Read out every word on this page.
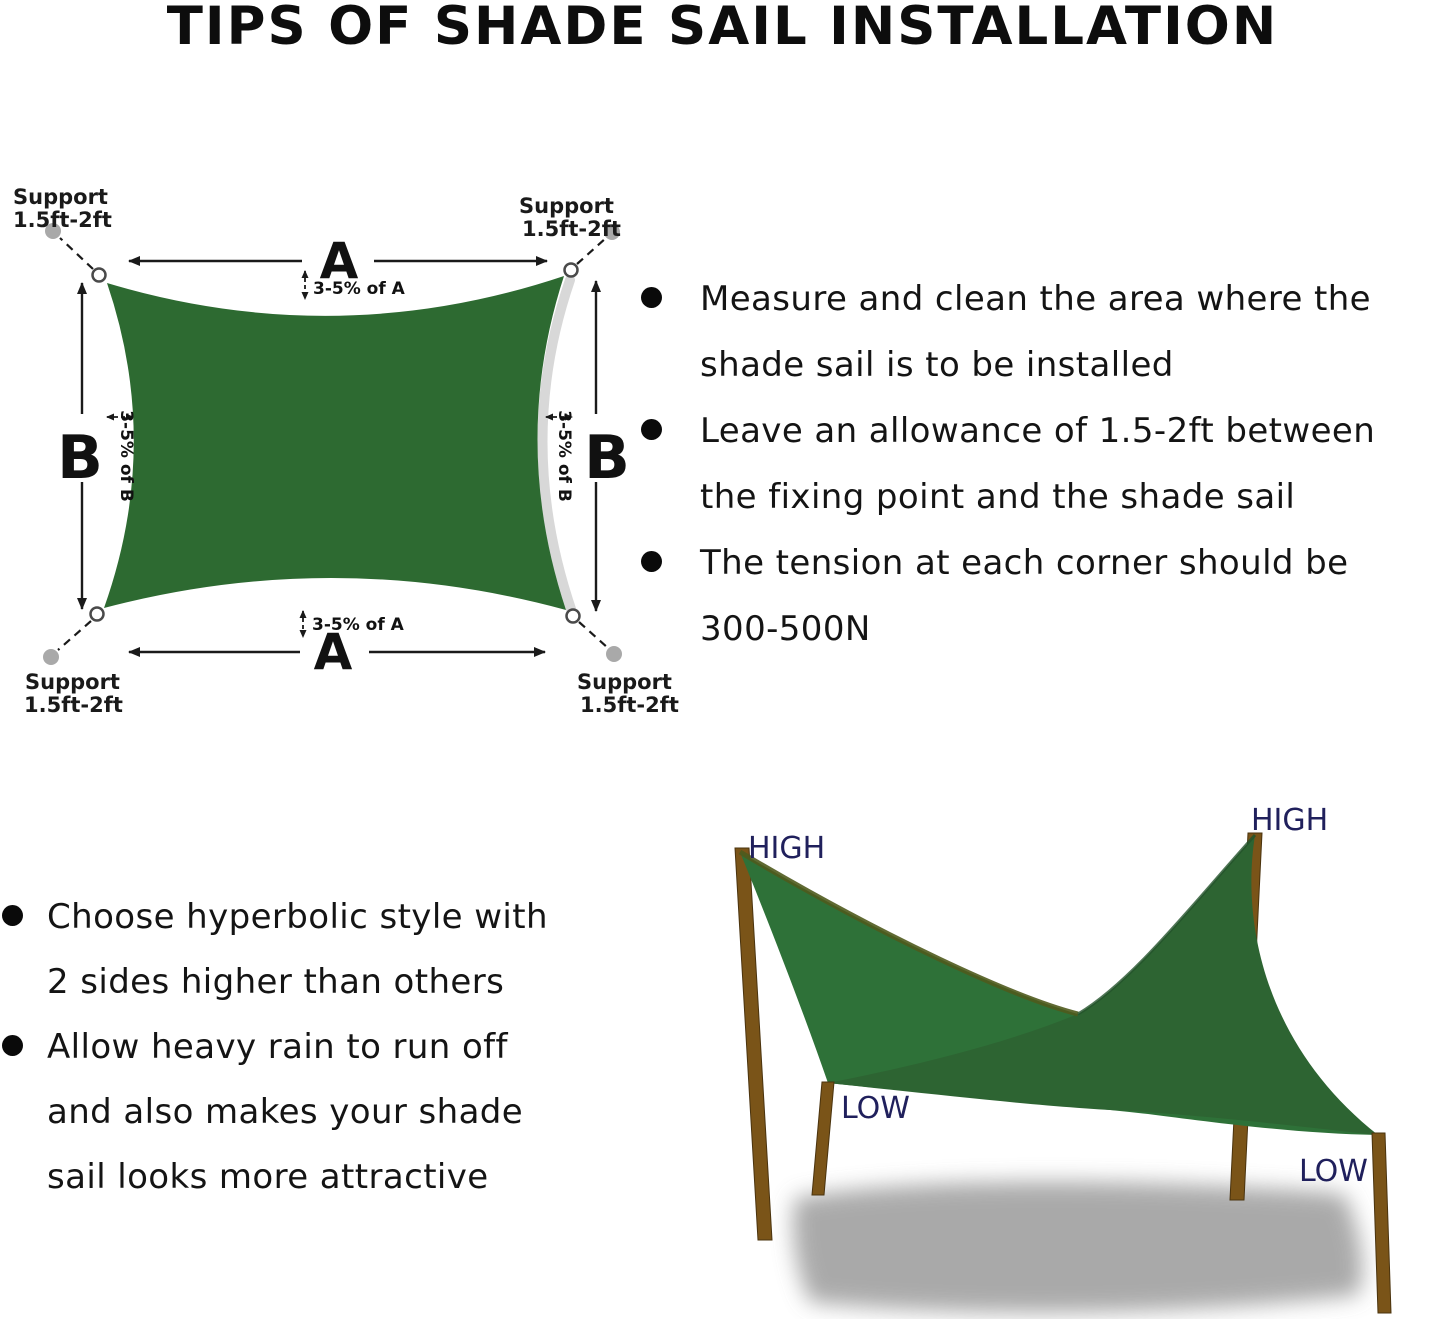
TIPS OF SHADE SAIL INSTALLATION
Support
1.5ft-2ft
Support
1.5ft-2ft
Support
1.5ft-2ft
Support
1.5ft-2ft
A
3-5% of A
B 3-5% of B	B
3-5% of B
3-5% of A
A
Measure and clean the area where the
shade sail is to be installed
Leave an allowance of 1.5-2ft between
the fixing point and the shade sail
The tension at each corner should be
300-500N
Choose hyperbolic style with
2 sides higher than others
Allow heavy rain to run off
and also makes your shade
sail looks more attractive
HIGH
HIGH
LOW
LOW
